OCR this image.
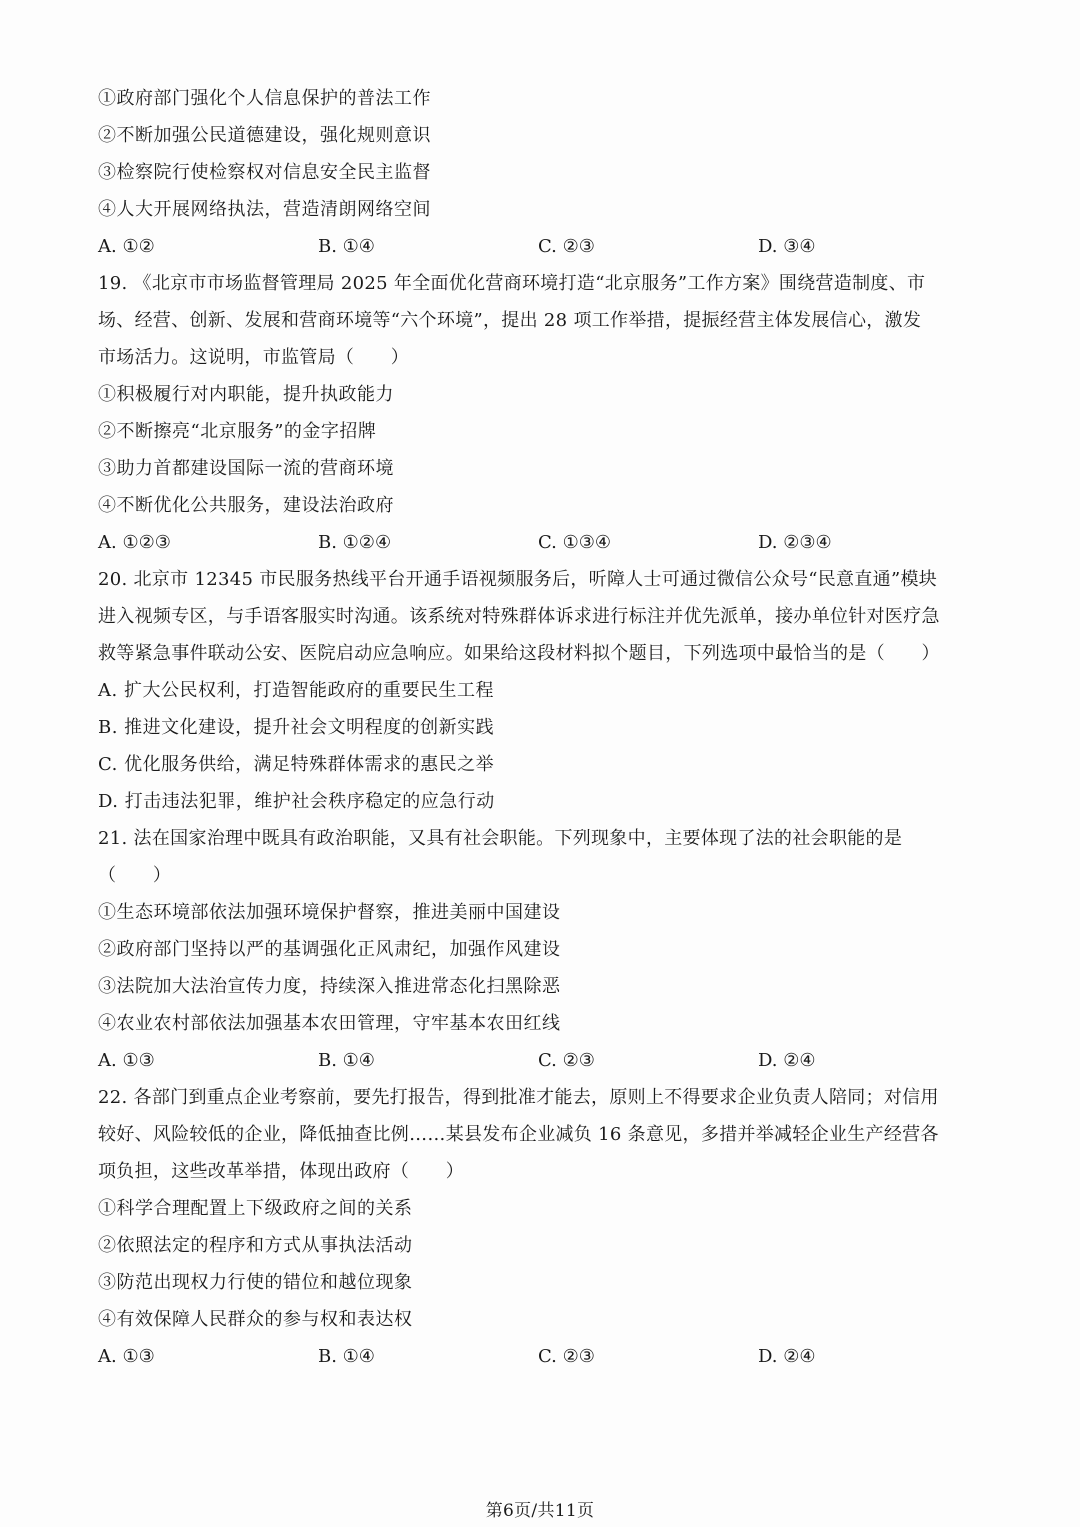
①政府部门强化个人信息保护的普法工作
②不断加强公民道德建设，强化规则意识
③检察院行使检察权对信息安全民主监督
④人大开展网络执法，营造清朗网络空间
A. ①②	B. ①④	C. ②③	D. ③④
19. 《北京市市场监督管理局 2025 年全面优化营商环境打造“北京服务”工作方案》围绕营造制度、市
场、经营、创新、发展和营商环境等“六个环境”，提出 28 项工作举措，提振经营主体发展信心，激发
市场活力。这说明，市监管局（　　）
①积极履行对内职能，提升执政能力
②不断擦亮“北京服务”的金字招牌
③助力首都建设国际一流的营商环境
④不断优化公共服务，建设法治政府
A. ①②③	B. ①②④	C. ①③④	D. ②③④
20. 北京市 12345 市民服务热线平台开通手语视频服务后，听障人士可通过微信公众号“民意直通”模块
进入视频专区，与手语客服实时沟通。该系统对特殊群体诉求进行标注并优先派单，接办单位针对医疗急
救等紧急事件联动公安、医院启动应急响应。如果给这段材料拟个题目，下列选项中最恰当的是（　　）
A. 扩大公民权利，打造智能政府的重要民生工程
B. 推进文化建设，提升社会文明程度的创新实践
C. 优化服务供给，满足特殊群体需求的惠民之举
D. 打击违法犯罪，维护社会秩序稳定的应急行动
21. 法在国家治理中既具有政治职能，又具有社会职能。下列现象中，主要体现了法的社会职能的是
（　　）
①生态环境部依法加强环境保护督察，推进美丽中国建设
②政府部门坚持以严的基调强化正风肃纪，加强作风建设
③法院加大法治宣传力度，持续深入推进常态化扫黑除恶
④农业农村部依法加强基本农田管理，守牢基本农田红线
A. ①③	B. ①④	C. ②③	D. ②④
22. 各部门到重点企业考察前，要先打报告，得到批准才能去，原则上不得要求企业负责人陪同；对信用
较好、风险较低的企业，降低抽查比例……某县发布企业减负 16 条意见，多措并举减轻企业生产经营各
项负担，这些改革举措，体现出政府（　　）
①科学合理配置上下级政府之间的关系
②依照法定的程序和方式从事执法活动
③防范出现权力行使的错位和越位现象
④有效保障人民群众的参与权和表达权
A. ①③	B. ①④	C. ②③	D. ②④
第6页/共11页
